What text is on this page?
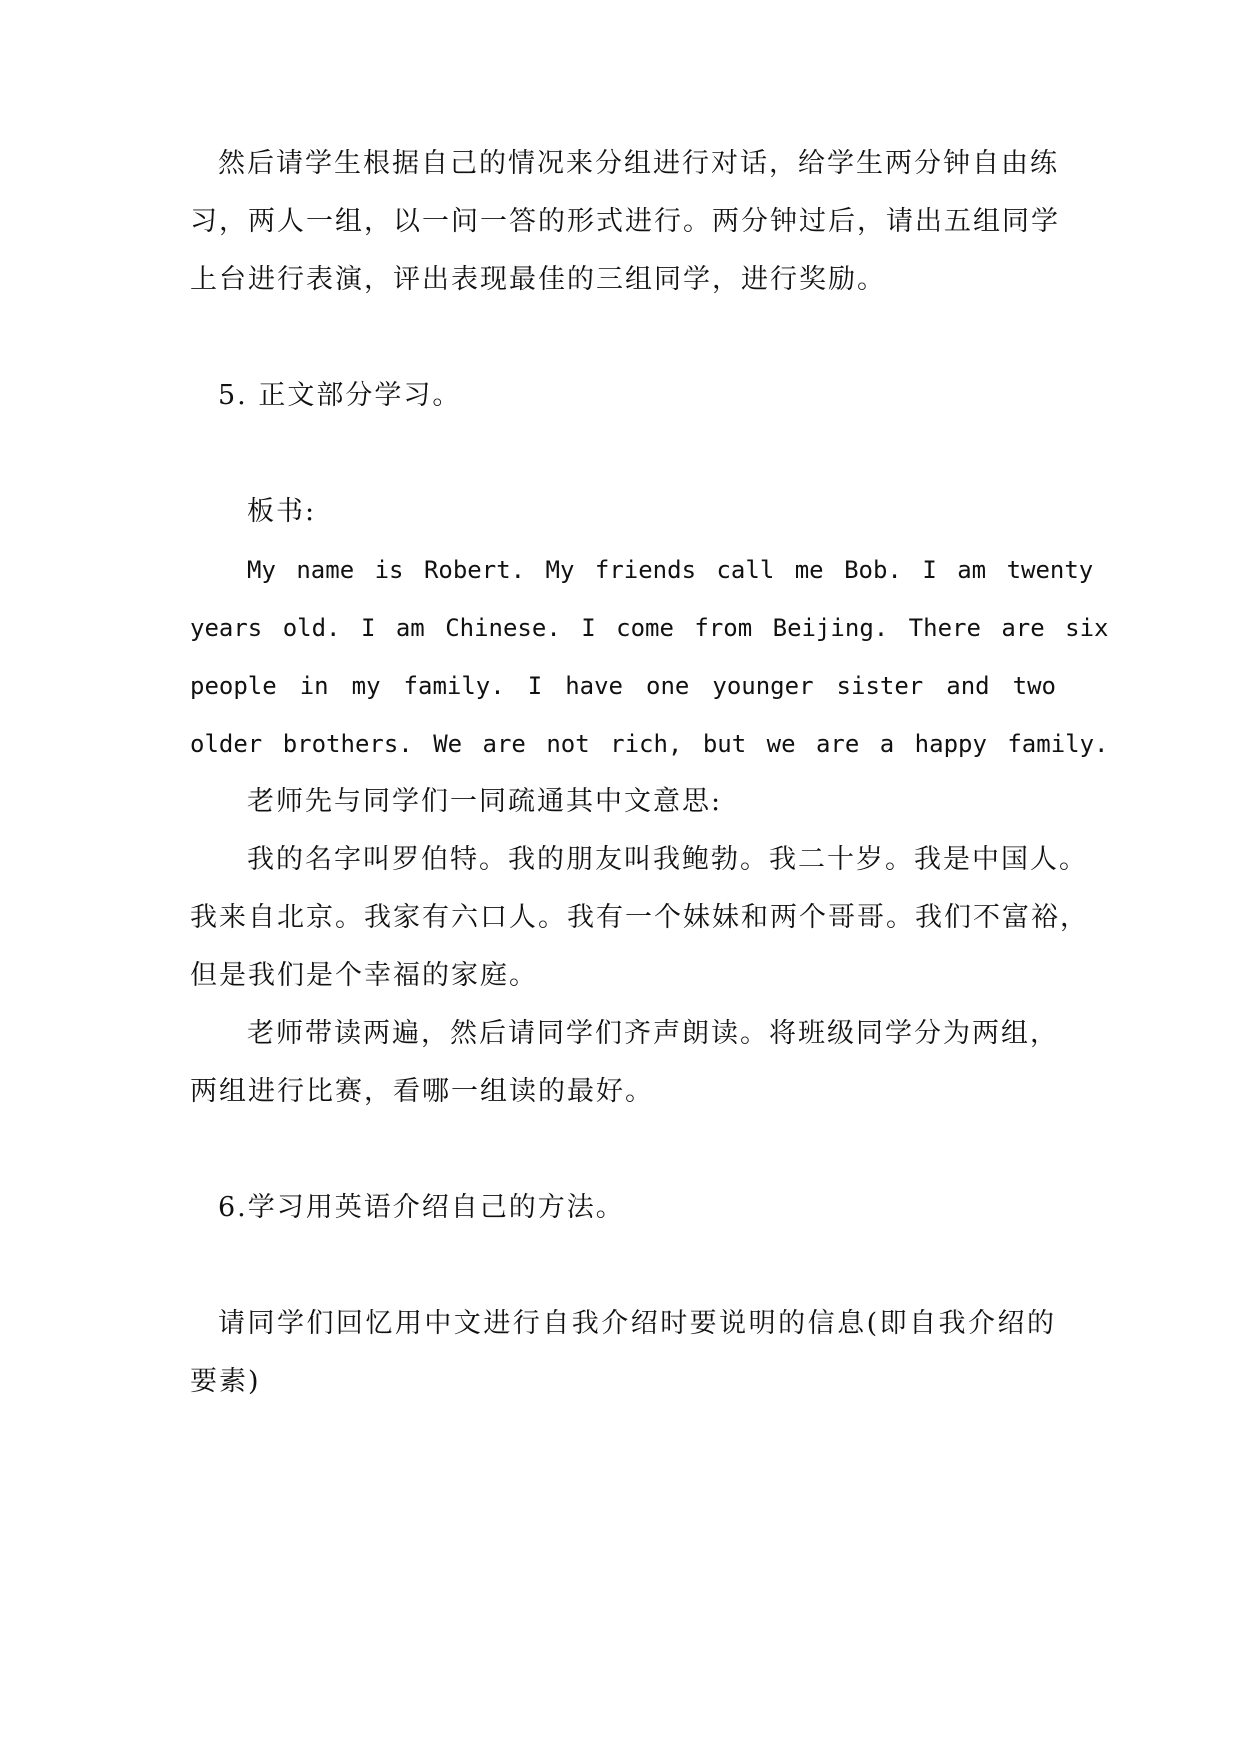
然后请学生根据自己的情况来分组进行对话，给学生两分钟自由练
习，两人一组，以一问一答的形式进行。两分钟过后，请出五组同学
上台进行表演，评出表现最佳的三组同学，进行奖励。
5. 正文部分学习。
板书:
My name is Robert. My friends call me Bob. I am twenty
years old. I am Chinese. I come from Beijing. There are six
people in my family. I have one younger sister and two
older brothers. We are not rich, but we are a happy family.
老师先与同学们一同疏通其中文意思:
我的名字叫罗伯特。我的朋友叫我鲍勃。我二十岁。我是中国人。
我来自北京。我家有六口人。我有一个妹妹和两个哥哥。我们不富裕，
但是我们是个幸福的家庭。
老师带读两遍，然后请同学们齐声朗读。将班级同学分为两组，
两组进行比赛，看哪一组读的最好。
6.学习用英语介绍自己的方法。
请同学们回忆用中文进行自我介绍时要说明的信息(即自我介绍的
要素)
